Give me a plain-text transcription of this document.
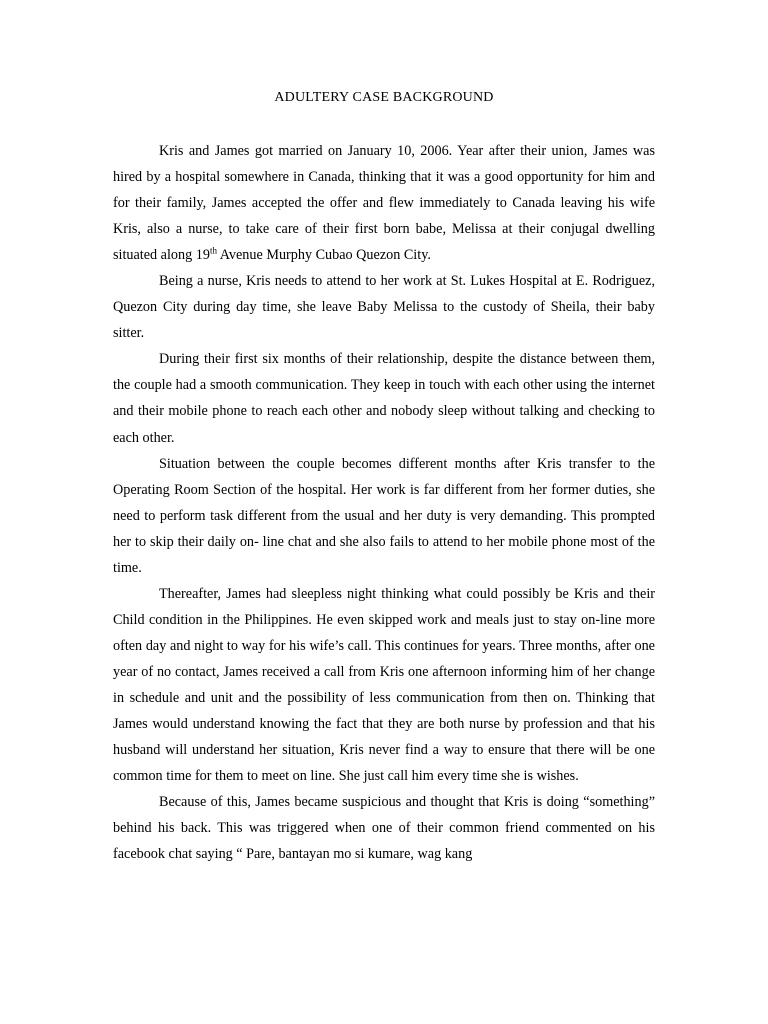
ADULTERY CASE BACKGROUND

Kris and James got married on January 10, 2006. Year after their union, James was hired by a hospital somewhere in Canada, thinking that it was a good opportunity for him and for their family, James accepted the offer and flew immediately to Canada leaving his wife Kris, also a nurse, to take care of their first born babe, Melissa at their conjugal dwelling situated along 19th Avenue Murphy Cubao Quezon City.

Being a nurse, Kris needs to attend to her work at St. Lukes Hospital at E. Rodriguez, Quezon City during day time, she leave Baby Melissa to the custody of Sheila, their baby sitter.

During their first six months of their relationship, despite the distance between them, the couple had a smooth communication. They keep in touch with each other using the internet and their mobile phone to reach each other and nobody sleep without talking and checking to each other.

Situation between the couple becomes different months after Kris transfer to the Operating Room Section of the hospital. Her work is far different from her former duties, she need to perform task different from the usual and her duty is very demanding. This prompted her to skip their daily on- line chat and she also fails to attend to her mobile phone most of the time.

Thereafter, James had sleepless night thinking what could possibly be Kris and their Child condition in the Philippines. He even skipped work and meals just to stay on-line more often day and night to way for his wife’s call. This continues for years. Three months, after one year of no contact, James received a call from Kris one afternoon informing him of her change in schedule and unit and the possibility of less communication from then on. Thinking that James would understand knowing the fact that they are both nurse by profession and that his husband will understand her situation, Kris never find a way to ensure that there will be one common time for them to meet on line. She just call him every time she is wishes.

Because of this, James became suspicious and thought that Kris is doing “something” behind his back. This was triggered when one of their common friend commented on his facebook chat saying “ Pare, bantayan mo si kumare, wag kang
